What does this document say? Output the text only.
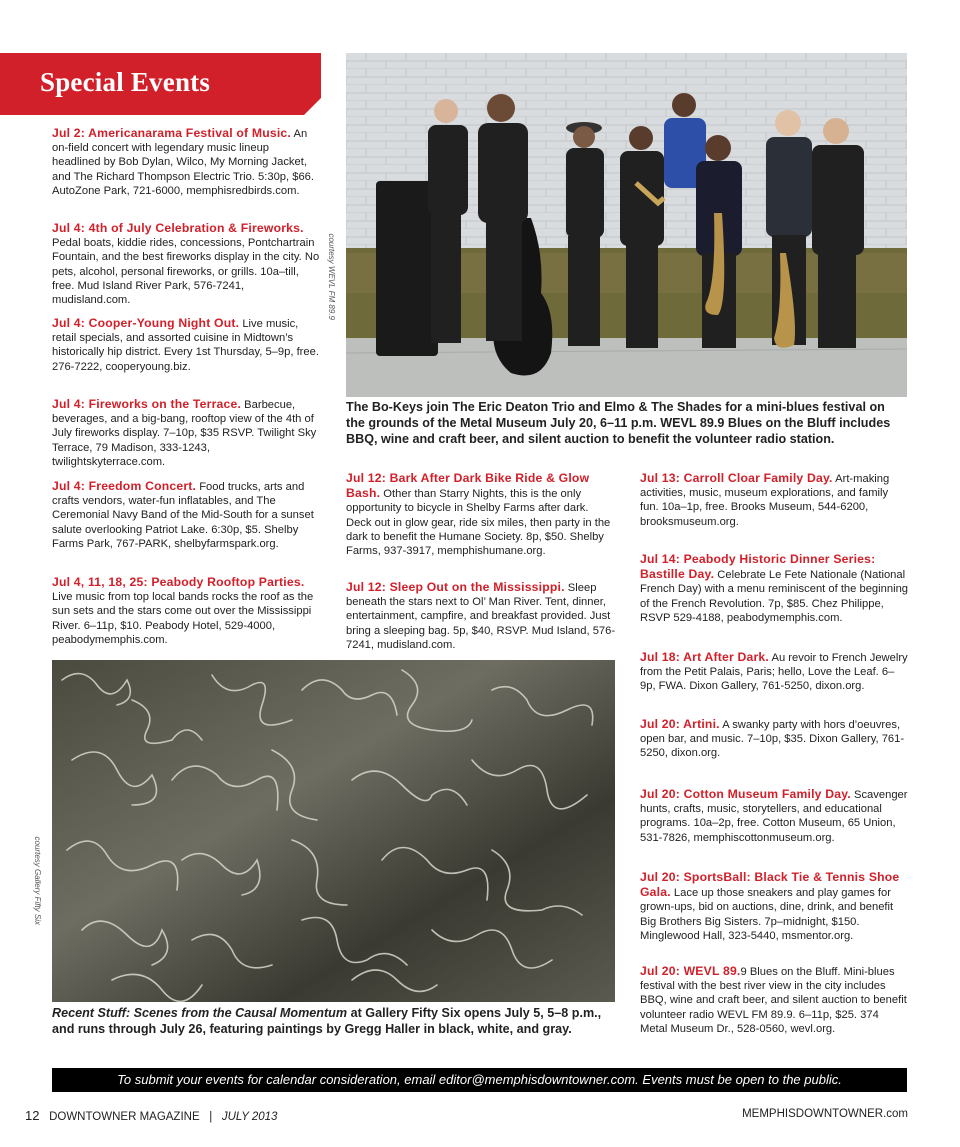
Special Events
Jul 2: Americanarama Festival of Music. An on-field concert with legendary music lineup headlined by Bob Dylan, Wilco, My Morning Jacket, and The Richard Thompson Electric Trio. 5:30p, $66. AutoZone Park, 721-6000, memphisredbirds.com.
Jul 4: 4th of July Celebration & Fireworks. Pedal boats, kiddie rides, concessions, Pontchartrain Fountain, and the best fireworks display in the city. No pets, alcohol, personal fireworks, or grills. 10a–till, free. Mud Island River Park, 576-7241, mudisland.com.
Jul 4: Cooper-Young Night Out. Live music, retail specials, and assorted cuisine in Midtown’s historically hip district. Every 1st Thursday, 5–9p, free. 276-7222, cooperyoung.biz.
Jul 4: Fireworks on the Terrace. Barbecue, beverages, and a big-bang, rooftop view of the 4th of July fireworks display. 7–10p, $35 RSVP. Twilight Sky Terrace, 79 Madison, 333-1243, twilightskyterrace.com.
Jul 4: Freedom Concert. Food trucks, arts and crafts vendors, water-fun inflatables, and The Ceremonial Navy Band of the Mid-South for a sunset salute overlooking Patriot Lake. 6:30p, $5. Shelby Farms Park, 767-PARK, shelbyfarmspark.org.
Jul 4, 11, 18, 25: Peabody Rooftop Parties. Live music from top local bands rocks the roof as the sun sets and the stars come out over the Mississippi River. 6–11p, $10. Peabody Hotel, 529-4000, peabodymemphis.com.
courtesy WEVL FM 89.9
The Bo-Keys join The Eric Deaton Trio and Elmo & The Shades for a mini-blues festival on the grounds of the Metal Museum July 20, 6–11 p.m. WEVL 89.9 Blues on the Bluff includes BBQ, wine and craft beer, and silent auction to benefit the volunteer radio station.
Jul 12: Bark After Dark Bike Ride & Glow Bash. Other than Starry Nights, this is the only opportunity to bicycle in Shelby Farms after dark. Deck out in glow gear, ride six miles, then party in the dark to benefit the Humane Society. 8p, $50. Shelby Farms, 937-3917, memphishumane.org.
Jul 12: Sleep Out on the Mississippi. Sleep beneath the stars next to Ol’ Man River. Tent, dinner, entertainment, campfire, and breakfast provided. Just bring a sleeping bag. 5p, $40, RSVP. Mud Island, 576-7241, mudisland.com.
Jul 13: Carroll Cloar Family Day. Art-making activities, music, museum explorations, and family fun. 10a–1p, free. Brooks Museum, 544-6200, brooksmuseum.org.
Jul 14: Peabody Historic Dinner Series: Bastille Day. Celebrate Le Fete Nationale (National French Day) with a menu reminiscent of the beginning of the French Revolution. 7p, $85. Chez Philippe, RSVP 529-4188, peabodymemphis.com.
Jul 18: Art After Dark. Au revoir to French Jewelry from the Petit Palais, Paris; hello, Love the Leaf. 6–9p, FWA. Dixon Gallery, 761-5250, dixon.org.
Jul 20: Artini. A swanky party with hors d’oeuvres, open bar, and music. 7–10p, $35. Dixon Gallery, 761-5250, dixon.org.
Jul 20: Cotton Museum Family Day. Scavenger hunts, crafts, music, storytellers, and educational programs. 10a–2p, free. Cotton Museum, 65 Union, 531-7826, memphiscottonmuseum.org.
Jul 20: SportsBall: Black Tie & Tennis Shoe Gala. Lace up those sneakers and play games for grown-ups, bid on auctions, dine, drink, and benefit Big Brothers Big Sisters. 7p–midnight, $150. Minglewood Hall, 323-5440, msmentor.org.
Jul 20: WEVL 89.9 Blues on the Bluff. Mini-blues festival with the best river view in the city includes BBQ, wine and craft beer, and silent auction to benefit volunteer radio WEVL FM 89.9. 6–11p, $25. 374 Metal Museum Dr., 528-0560, wevl.org.
courtesy Gallery Fifty Six
Recent Stuff: Scenes from the Causal Momentum at Gallery Fifty Six opens July 5, 5–8 p.m., and runs through July 26, featuring paintings by Gregg Haller in black, white, and gray.
To submit your events for calendar consideration, email editor@memphisdowntowner.com. Events must be open to the public.
12 DOWNTOWNER MAGAZINE | JULY 2013	MEMPHISDOWNTOWNER.com
